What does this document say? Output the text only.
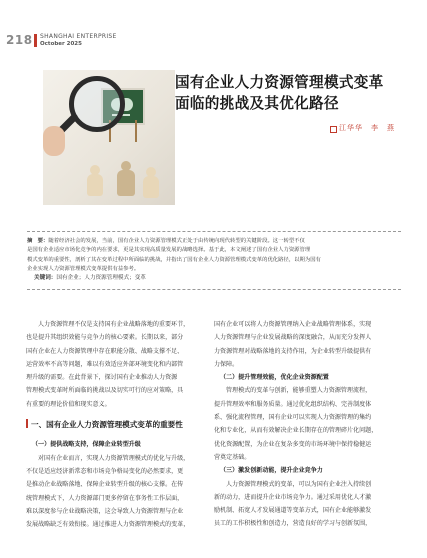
218 SHANGHAI ENTERPRISE
October 2025
国有企业人力资源管理模式变革
面临的挑战及其优化路径
江华华　李　燕

摘　要：随着经济社会的发展，当前，国有企业人力资源管理模式正处于由传统向现代转型的关键阶段。这一转型不仅

是国有企业适应市场化竞争的内在要求，更是其实现高质量发展的战略选择。基于此，本文阐述了国有企业人力资源管理

模式变革的重要性，剖析了其在变革过程中所面临的挑战，并指出了国有企业人力资源管理模式变革的优化路径，以期为国有

企业实现人力资源管理模式变革提供有益参考。

关键词：国有企业；人力资源管理模式；变革

人力资源管理不仅是支持国有企业战略落地的重要环节，

也是提升其组织效能与竞争力的核心要素。长期以来，部分

国有企业在人力资源管理中存在职能分散、战略支撑不足、

运营效率不高等问题，难以有效适应外部环境变化和内部管

理升级的需要。在此背景下，探讨国有企业推动人力资源

管理模式变革时所面临的挑战以及切实可行的应对策略，具

有重要的理论价值和现实意义。

一、国有企业人力资源管理模式变革的重要性

（一）提供战略支持，保障企业转型升级

对国有企业而言，实现人力资源管理模式的优化与升级，

不仅是适应经济新常态和市场竞争格局变化的必然要求，更

是推动企业战略落地、保障企业转型升级的核心支撑。在传

统管理模式下，人力资源部门更多停留在事务性工作层面，

难以深度参与企业战略决策，这会导致人力资源管理与企业

发展战略缺乏有效衔接。通过推进人力资源管理模式的变革，

国有企业可以将人力资源管理纳入企业战略管理体系，实现

人力资源管理与企业发展战略的深度融合，从而充分发挥人

力资源管理对战略落地的支持作用，为企业转型升级提供有

力保障。

（二）提升管理效能，优化企业资源配置

管理模式的变革与创新，能够重塑人力资源管理流程，

提升管理效率和服务质量。通过优化组织结构、完善制度体

系、强化流程管理，国有企业可以实现人力资源管理的集约

化和专业化，从而有效解决企业长期存在的管理碎片化问题，

优化资源配置，为企业在复杂多变的市场环境中保持稳健运

营奠定基础。

（三）激发创新动能，提升企业竞争力

人力资源管理模式的变革，可以为国有企业注入持续创

新的动力，进而提升企业市场竞争力。通过采用优化人才激

励机制、拓宽人才发展通道等变革方式，国有企业能够激发

员工的工作积极性和创造力，营造良好的学习与创新氛围，
